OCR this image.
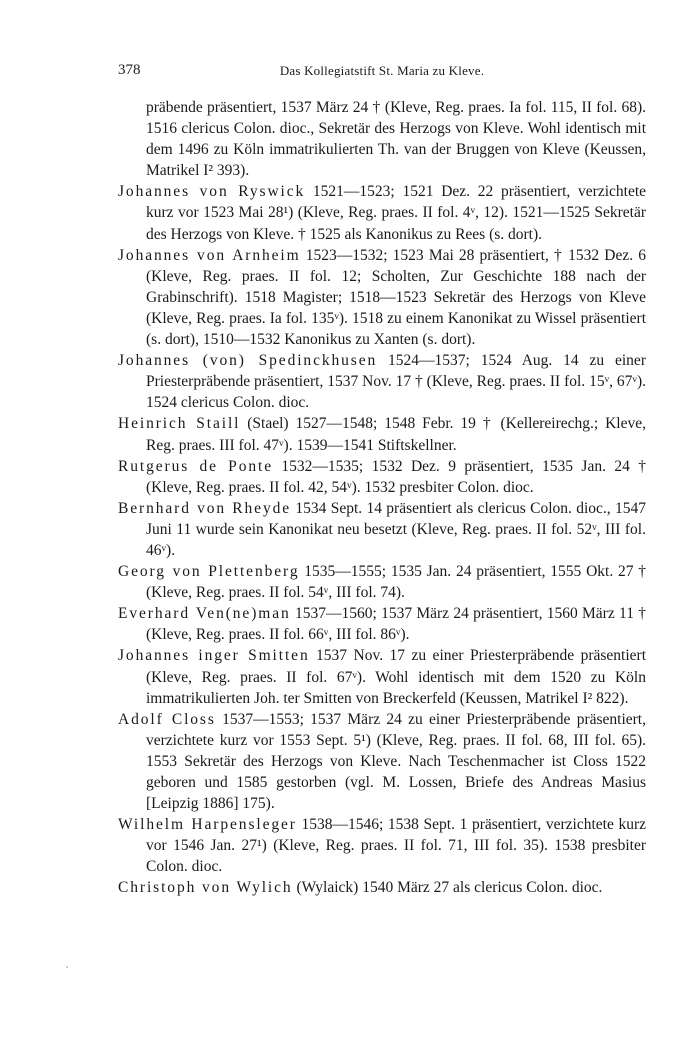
378	Das Kollegiatstift St. Maria zu Kleve.

präbende präsentiert, 1537 März 24 † (Kleve, Reg. praes. Ia fol. 115, II fol. 68). 1516 clericus Colon. dioc., Sekretär des Herzogs von Kleve. Wohl identisch mit dem 1496 zu Köln immatrikulierten Th. van der Bruggen von Kleve (Keussen, Matrikel I² 393).

Johannes von Ryswick 1521—1523; 1521 Dez. 22 präsentiert, verzichtete kurz vor 1523 Mai 28¹) (Kleve, Reg. praes. II fol. 4ᵛ, 12). 1521—1525 Sekretär des Herzogs von Kleve. † 1525 als Kanonikus zu Rees (s. dort).

Johannes von Arnheim 1523—1532; 1523 Mai 28 präsentiert, † 1532 Dez. 6 (Kleve, Reg. praes. II fol. 12; Scholten, Zur Geschichte 188 nach der Grabinschrift). 1518 Magister; 1518—1523 Sekretär des Herzogs von Kleve (Kleve, Reg. praes. Ia fol. 135ᵛ). 1518 zu einem Kanonikat zu Wissel präsentiert (s. dort), 1510—1532 Kanonikus zu Xanten (s. dort).

Johannes (von) Spedinckhusen 1524—1537; 1524 Aug. 14 zu einer Priesterpräbende präsentiert, 1537 Nov. 17 † (Kleve, Reg. praes. II fol. 15ᵛ, 67ᵛ). 1524 clericus Colon. dioc.

Heinrich Staill (Stael) 1527—1548; 1548 Febr. 19 † (Kellereirechg.; Kleve, Reg. praes. III fol. 47ᵛ). 1539—1541 Stiftskellner.

Rutgerus de Ponte 1532—1535; 1532 Dez. 9 präsentiert, 1535 Jan. 24 † (Kleve, Reg. praes. II fol. 42, 54ᵛ). 1532 presbiter Colon. dioc.

Bernhard von Rheyde 1534 Sept. 14 präsentiert als clericus Colon. dioc., 1547 Juni 11 wurde sein Kanonikat neu besetzt (Kleve, Reg. praes. II fol. 52ᵛ, III fol. 46ᵛ).

Georg von Plettenberg 1535—1555; 1535 Jan. 24 präsentiert, 1555 Okt. 27 † (Kleve, Reg. praes. II fol. 54ᵛ, III fol. 74).

Everhard Ven(ne)man 1537—1560; 1537 März 24 präsentiert, 1560 März 11 † (Kleve, Reg. praes. II fol. 66ᵛ, III fol. 86ᵛ).

Johannes inger Smitten 1537 Nov. 17 zu einer Priesterpräbende präsentiert (Kleve, Reg. praes. II fol. 67ᵛ). Wohl identisch mit dem 1520 zu Köln immatrikulierten Joh. ter Smitten von Breckerfeld (Keussen, Matrikel I² 822).

Adolf Closs 1537—1553; 1537 März 24 zu einer Priesterpräbende präsentiert, verzichtete kurz vor 1553 Sept. 5¹) (Kleve, Reg. praes. II fol. 68, III fol. 65). 1553 Sekretär des Herzogs von Kleve. Nach Teschenmacher ist Closs 1522 geboren und 1585 gestorben (vgl. M. Lossen, Briefe des Andreas Masius [Leipzig 1886] 175).

Wilhelm Harpensleger 1538—1546; 1538 Sept. 1 präsentiert, verzichtete kurz vor 1546 Jan. 27¹) (Kleve, Reg. praes. II fol. 71, III fol. 35). 1538 presbiter Colon. dioc.

Christoph von Wylich (Wylaick) 1540 März 27 als clericus Colon. dioc.
